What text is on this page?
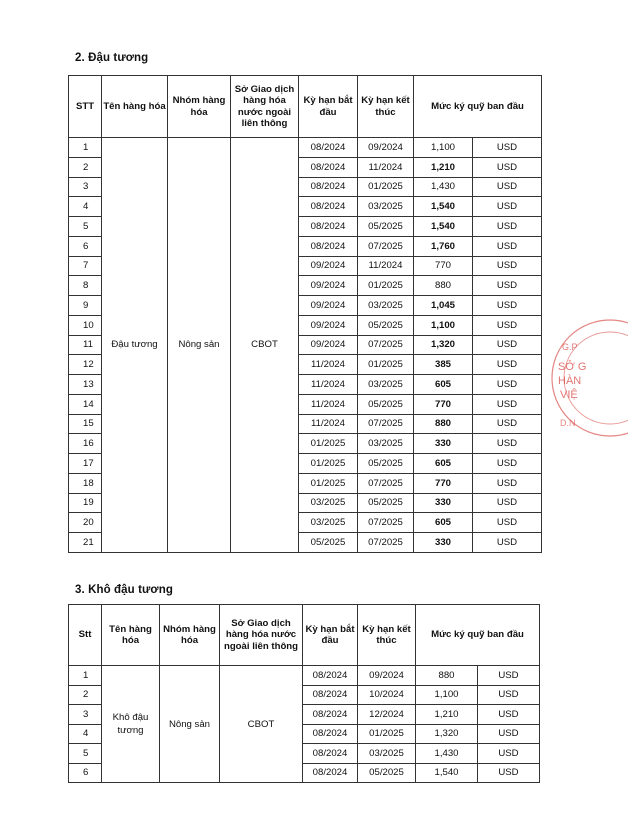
2. Đậu tương
STT	Tên hàng hóa	Nhóm hàng hóa	Sở Giao dịch hàng hóa nước ngoài liên thông	Kỳ hạn bắt đầu	Kỳ hạn kết thúc	Mức ký quỹ ban đầu	
1	Đậu tương	Nông sản	CBOT	08/2024	09/2024	1,100	USD
2				08/2024	11/2024	1,210	USD
3				08/2024	01/2025	1,430	USD
4				08/2024	03/2025	1,540	USD
5				08/2024	05/2025	1,540	USD
6				08/2024	07/2025	1,760	USD
7				09/2024	11/2024	770	USD
8				09/2024	01/2025	880	USD
9				09/2024	03/2025	1,045	USD
10				09/2024	05/2025	1,100	USD
11				09/2024	07/2025	1,320	USD
12				11/2024	01/2025	385	USD
13				11/2024	03/2025	605	USD
14				11/2024	05/2025	770	USD
15				11/2024	07/2025	880	USD
16				01/2025	03/2025	330	USD
17				01/2025	05/2025	605	USD
18				01/2025	07/2025	770	USD
19				03/2025	05/2025	330	USD
20				03/2025	07/2025	605	USD
21				05/2025	07/2025	330	USD
3. Khô đậu tương
Stt	Tên hàng hóa	Nhóm hàng hóa	Sở Giao dịch hàng hóa nước ngoài liên thông	Kỳ hạn bắt đầu	Kỳ hạn kết thúc	Mức ký quỹ ban đầu	
1	Khô đậu tương	Nông sản	CBOT	08/2024	09/2024	880	USD
2				08/2024	10/2024	1,100	USD
3				08/2024	12/2024	1,210	USD
4				08/2024	01/2025	1,320	USD
5				08/2024	03/2025	1,430	USD
6				08/2024	05/2025	1,540	USD
G.P
SỞ G
HÀN
VIỆ
D.N
